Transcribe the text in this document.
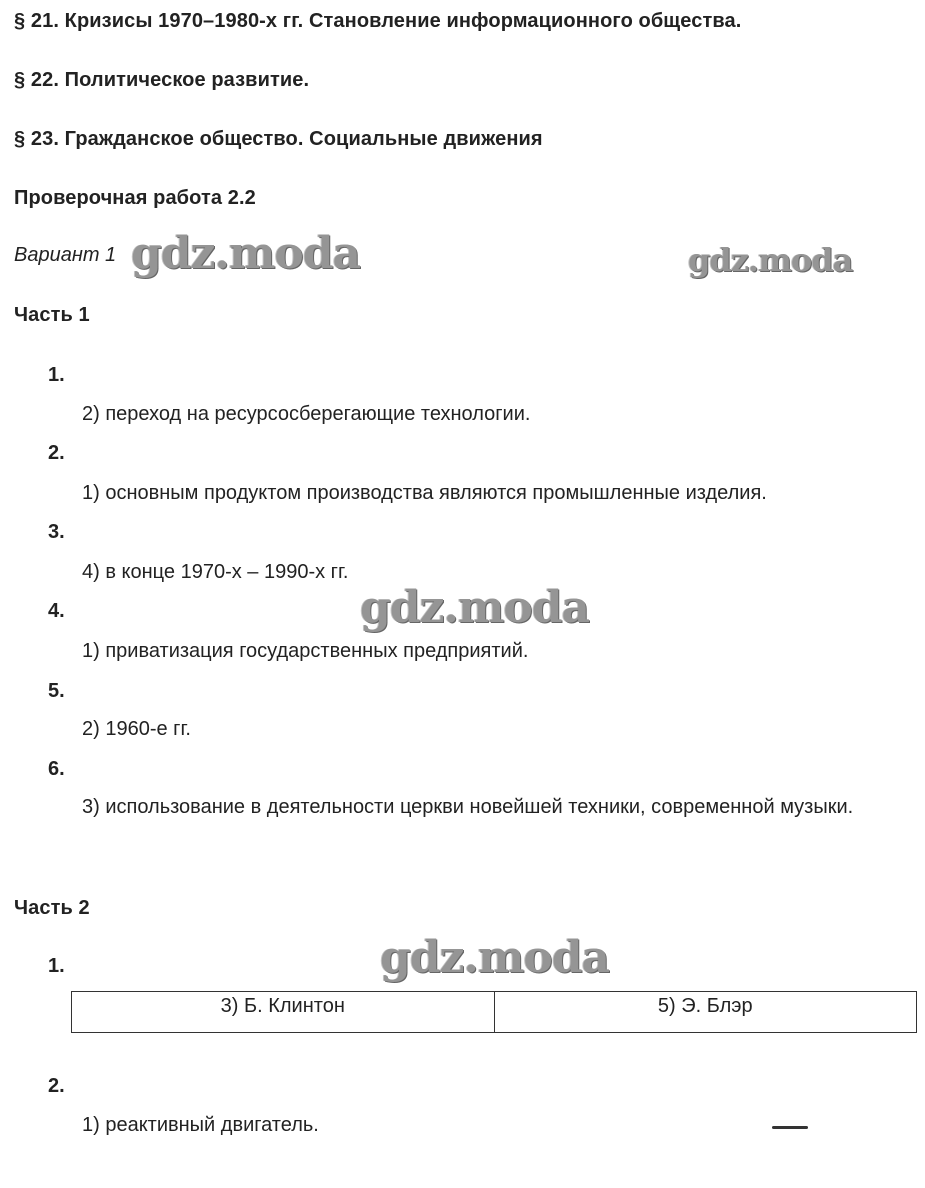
§ 21. Кризисы 1970–1980-х гг. Становление информационного общества.
§ 22. Политическое развитие.
§ 23. Гражданское общество. Социальные движения
Проверочная работа 2.2
Вариант 1 gdz.moda	gdz.moda
gdz.moda
gdz.moda
Часть 1
1.
2) переход на ресурсосберегающие технологии.
2.
1) основным продуктом производства являются промышленные изделия.
3.
4) в конце 1970-х – 1990-х гг.
4.
1) приватизация государственных предприятий.
5.
2) 1960-е гг.
6.
3) использование в деятельности церкви новейшей техники, современной музыки.
Часть 2
1.
3) Б. Клинтон	5) Э. Блэр
2.
1) реактивный двигатель.
